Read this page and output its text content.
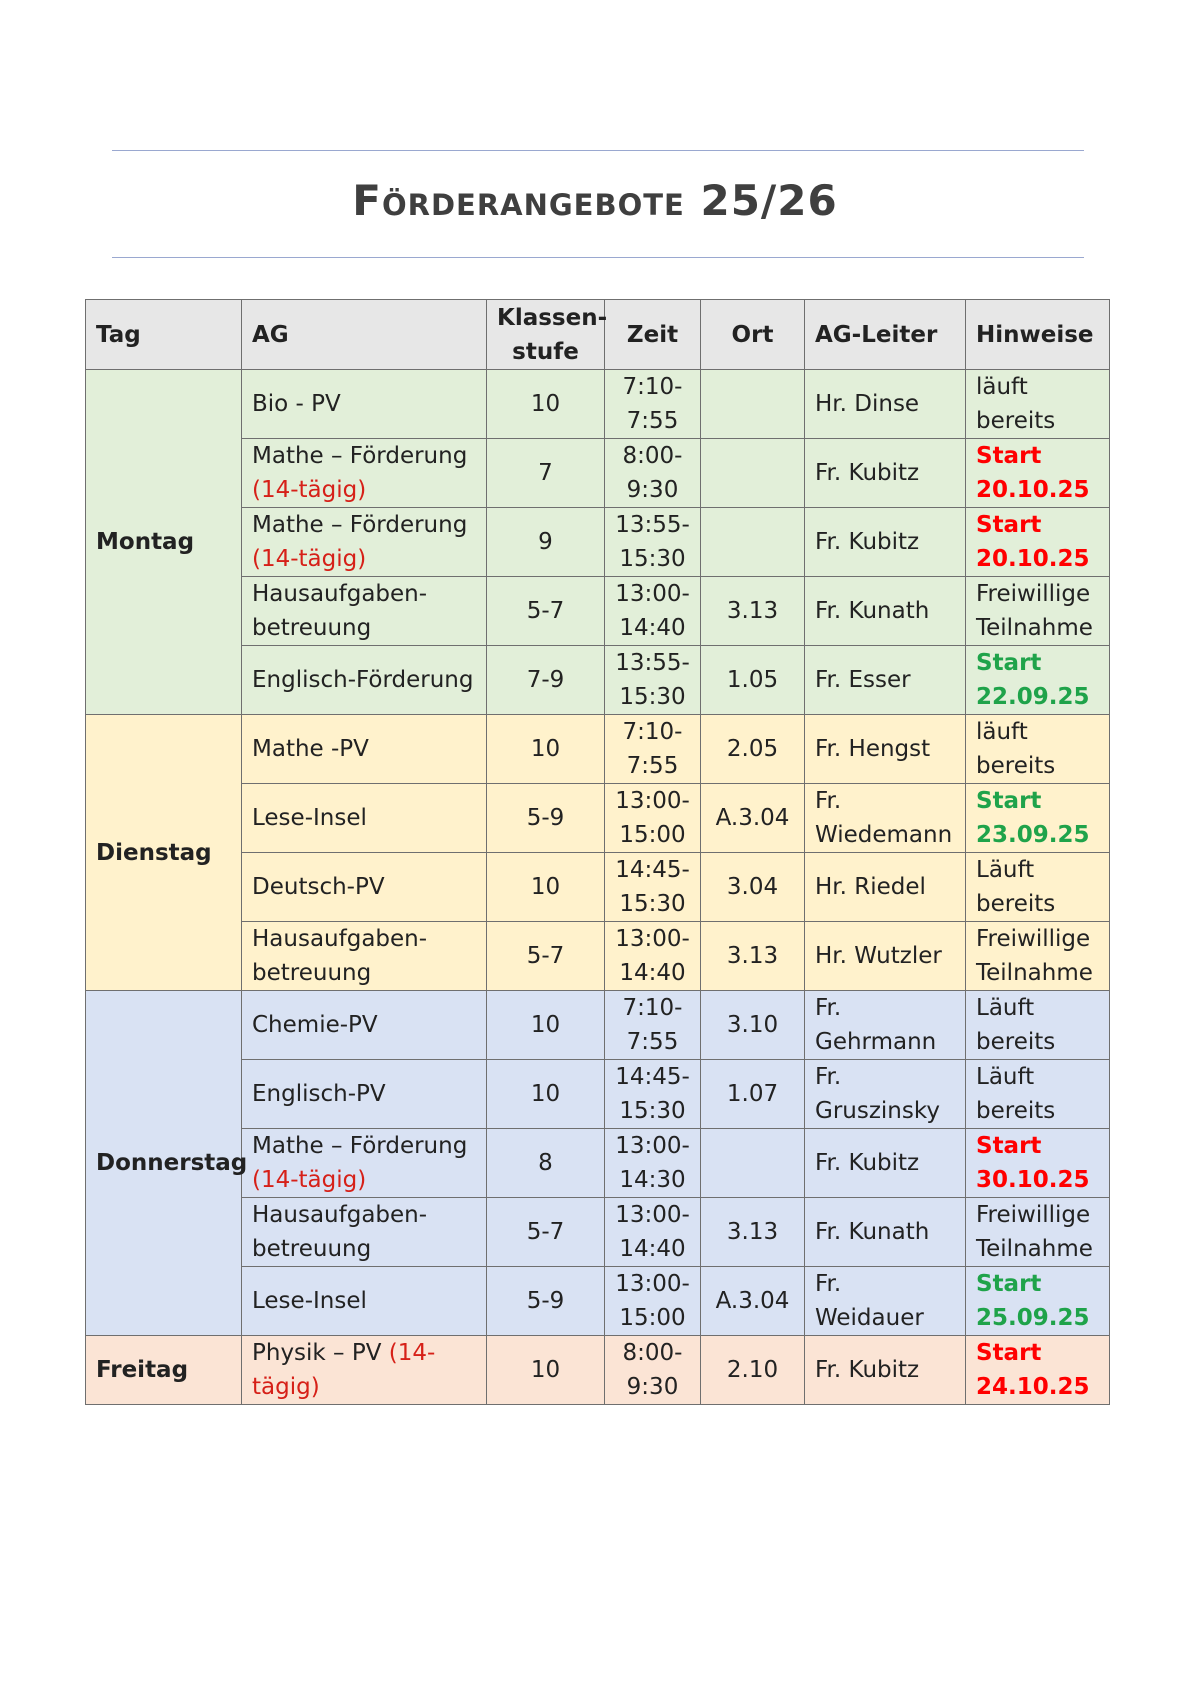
Förderangebote 25/26
Tag	AG	Klassen-stufe	Zeit	Ort	AG-Leiter	Hinweise
Montag	Bio - PV	10	7:10-7:55		Hr. Dinse	läuft bereits
	Mathe – Förderung (14-tägig)	7	8:00-9:30		Fr. Kubitz	Start 20.10.25
	Mathe – Förderung (14-tägig)	9	13:55-15:30		Fr. Kubitz	Start 20.10.25
	Hausaufgaben-betreuung	5-7	13:00-14:40	3.13	Fr. Kunath	Freiwillige Teilnahme
	Englisch-Förderung	7-9	13:55-15:30	1.05	Fr. Esser	Start 22.09.25
Dienstag	Mathe -PV	10	7:10-7:55	2.05	Fr. Hengst	läuft bereits
	Lese-Insel	5-9	13:00-15:00	A.3.04	Fr. Wiedemann	Start 23.09.25
	Deutsch-PV	10	14:45-15:30	3.04	Hr. Riedel	Läuft bereits
	Hausaufgaben-betreuung	5-7	13:00-14:40	3.13	Hr. Wutzler	Freiwillige Teilnahme
Donnerstag	Chemie-PV	10	7:10-7:55	3.10	Fr. Gehrmann	Läuft bereits
	Englisch-PV	10	14:45-15:30	1.07	Fr. Gruszinsky	Läuft bereits
	Mathe – Förderung (14-tägig)	8	13:00-14:30		Fr. Kubitz	Start 30.10.25
	Hausaufgaben-betreuung	5-7	13:00-14:40	3.13	Fr. Kunath	Freiwillige Teilnahme
	Lese-Insel	5-9	13:00-15:00	A.3.04	Fr. Weidauer	Start 25.09.25
Freitag	Physik – PV (14-tägig)	10	8:00-9:30	2.10	Fr. Kubitz	Start 24.10.25
